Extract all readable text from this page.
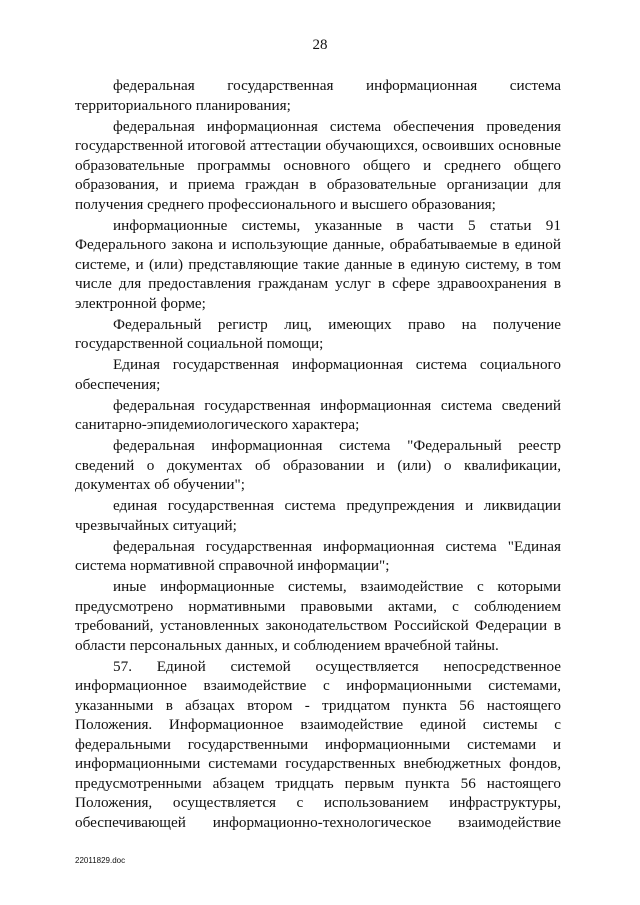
28

федеральная государственная информационная система территориального планирования;

федеральная информационная система обеспечения проведения государственной итоговой аттестации обучающихся, освоивших основные образовательные программы основного общего и среднего общего образования, и приема граждан в образовательные организации для получения среднего профессионального и высшего образования;

информационные системы, указанные в части 5 статьи 91 Федерального закона и использующие данные, обрабатываемые в единой системе, и (или) представляющие такие данные в единую систему, в том числе для предоставления гражданам услуг в сфере здравоохранения в электронной форме;

Федеральный регистр лиц, имеющих право на получение государственной социальной помощи;

Единая государственная информационная система социального обеспечения;

федеральная государственная информационная система сведений санитарно-эпидемиологического характера;

федеральная информационная система "Федеральный реестр сведений о документах об образовании и (или) о квалификации, документах об обучении";

единая государственная система предупреждения и ликвидации чрезвычайных ситуаций;

федеральная государственная информационная система "Единая система нормативной справочной информации";

иные информационные системы, взаимодействие с которыми предусмотрено нормативными правовыми актами, с соблюдением требований, установленных законодательством Российской Федерации в области персональных данных, и соблюдением врачебной тайны.

57. Единой системой осуществляется непосредственное информационное взаимодействие с информационными системами, указанными в абзацах втором - тридцатом пункта 56 настоящего Положения. Информационное взаимодействие единой системы с федеральными государственными информационными системами и информационными системами государственных внебюджетных фондов, предусмотренными абзацем тридцать первым пункта 56 настоящего Положения, осуществляется с использованием инфраструктуры, обеспечивающей информационно-технологическое взаимодействие

22011829.doc
